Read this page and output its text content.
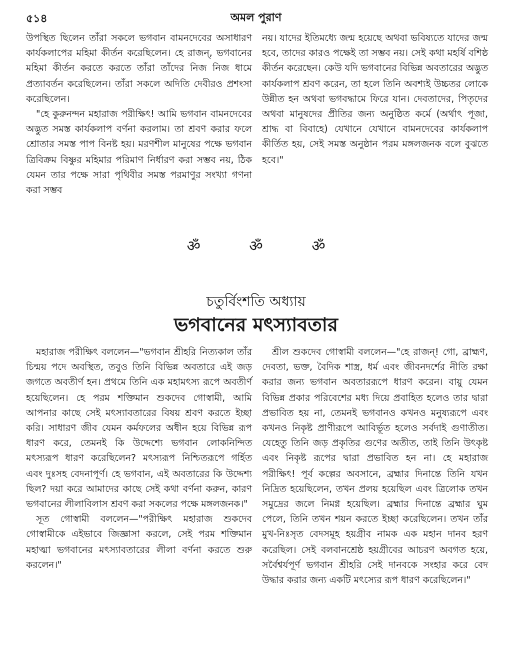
৫১৪	অমল পুরাণ

উপস্থিত ছিলেন তাঁরা সকলে ভগবান বামনদেবের অসাধারণ কার্যকলাপের মহিমা কীর্তন করেছিলেন। হে রাজন্, ভগবানের মহিমা কীর্তন করতে করতে তাঁরা তাঁদের নিজ নিজ ধামে প্রত্যাবর্তন করেছিলেন। তাঁরা সকলে অদিতি দেবীরও প্রশংসা করেছিলেন।

"হে কুরুনন্দন মহারাজ পরীক্ষিৎ! আমি ভগবান বামনদেবের অদ্ভুত সমস্ত কার্যকলাপ বর্ণনা করলাম। তা শ্রবণ করার ফলে শ্রোতার সমস্ত পাপ বিনষ্ট হয়। মরণশীল মানুষের পক্ষে ভগবান ত্রিবিক্রম বিষ্ণুর মহিমার পরিমাণ নির্ধারণ করা সম্ভব নয়, ঠিক যেমন তার পক্ষে সারা পৃথিবীর সমস্ত পরমাণুর সংখ্যা গণনা করা সম্ভব

নয়। যাদের ইতিমধ্যে জন্ম হয়েছে অথবা ভবিষ্যতে যাদের জন্ম হবে, তাদের কারও পক্ষেই তা সম্ভব নয়। সেই কথা মহর্ষি বশিষ্ঠ কীর্তন করেছেন। কেউ যদি ভগবানের বিভিন্ন অবতারের অদ্ভুত কার্যকলাপ শ্রবণ করেন, তা হলে তিনি অবশ্যই উচ্চতর লোকে উন্নীত হন অথবা ভগবদ্ধামে ফিরে যান। দেবতাদের, পিতৃদের অথবা মানুষদের প্রীতির জন্য অনুষ্ঠিত কর্মে (অর্থাৎ পূজা, শ্রাদ্ধ বা বিবাহে) যেখানে যেখানে বামনদেবের কার্যকলাপ কীর্তিত হয়, সেই সমস্ত অনুষ্ঠান পরম মঙ্গলজনক বলে বুঝতে হবে।"

ॐ	ॐ	ॐ
চতুর্বিংশতি অধ্যায়
ভগবানের মৎস্যাবতার

মহারাজ পরীক্ষিৎ বললেন—"ভগবান শ্রীহরি নিত্যকাল তাঁর চিন্ময় পদে অবস্থিত, তবুও তিনি বিভিন্ন অবতারে এই জড় জগতে অবতীর্ণ হন। প্রথমে তিনি এক মহামৎস্য রূপে অবতীর্ণ হয়েছিলেন। হে পরম শক্তিমান শুকদেব গোস্বামী, আমি আপনার কাছে সেই মৎস্যাবতারের বিষয় শ্রবণ করতে ইচ্ছা করি। সাধারণ জীব যেমন কর্মফলের অধীন হয়ে বিভিন্ন রূপ ধারণ করে, তেমনই কি উদ্দেশ্যে ভগবান লোকনিন্দিত মৎস্যরূপ ধারণ করেছিলেন? মৎস্যরূপ নিশ্চিতরূপে গর্হিত এবং দুঃসহ বেদনাপূর্ণ। হে ভগবান, এই অবতারের কি উদ্দেশ্য ছিল? দয়া করে আমাদের কাছে সেই কথা বর্ণনা করুন, কারণ ভগবানের লীলাবিলাস শ্রবণ করা সকলের পক্ষে মঙ্গলজনক।"

সূত গোস্বামী বললেন—"পরীক্ষিৎ মহারাজ শুকদেব গোস্বামীকে এইভাবে জিজ্ঞাসা করলে, সেই পরম শক্তিমান মহাত্মা ভগবানের মৎস্যাবতারের লীলা বর্ণনা করতে শুরু করলেন।"

শ্রীল শুকদেব গোস্বামী বললেন—"হে রাজন্! গো, ব্রাহ্মণ, দেবতা, ভক্ত, বৈদিক শাস্ত্র, ধর্ম এবং জীবনদর্শের নীতি রক্ষা করার জন্য ভগবান অবতাররূপে ধারণ করেন। বায়ু যেমন বিভিন্ন প্রকার পরিবেশের মধ্য দিয়ে প্রবাহিত হলেও তার দ্বারা প্রভাবিত হয় না, তেমনই ভগবানও কখনও মনুষ্যরূপে এবং কখনও নিকৃষ্ট প্রাণীরূপে আবির্ভূত হলেও সর্বদাই গুণাতীত। যেহেতু তিনি জড় প্রকৃতির গুণের অতীত, তাই তিনি উৎকৃষ্ট এবং নিকৃষ্ট রূপের দ্বারা প্রভাবিত হন না। হে মহারাজ পরীক্ষিৎ! পূর্ব কল্পের অবসানে, ব্রহ্মার দিনান্তে তিনি যখন নিদ্রিত হয়েছিলেন, তখন প্রলয় হয়েছিল এবং ত্রিলোক তখন সমুদ্রের জলে নিমগ্ন হয়েছিল। ব্রহ্মার দিনান্তে ব্রহ্মার ঘুম পেলে, তিনি তখন শয়ন করতে ইচ্ছা করেছিলেন। তখন তাঁর মুখ-নিঃসৃত বেদসমূহ হয়গ্রীব নামক এক মহান দানব হরণ করেছিল। সেই বলবানশ্রেষ্ঠ হয়গ্রীবের আচরণ অবগত হয়ে, সর্বৈশ্বর্যপূর্ণ ভগবান শ্রীহরি সেই দানবকে সংহার করে বেদ উদ্ধার করার জন্য একটি মৎস্যের রূপ ধারণ করেছিলেন।"
